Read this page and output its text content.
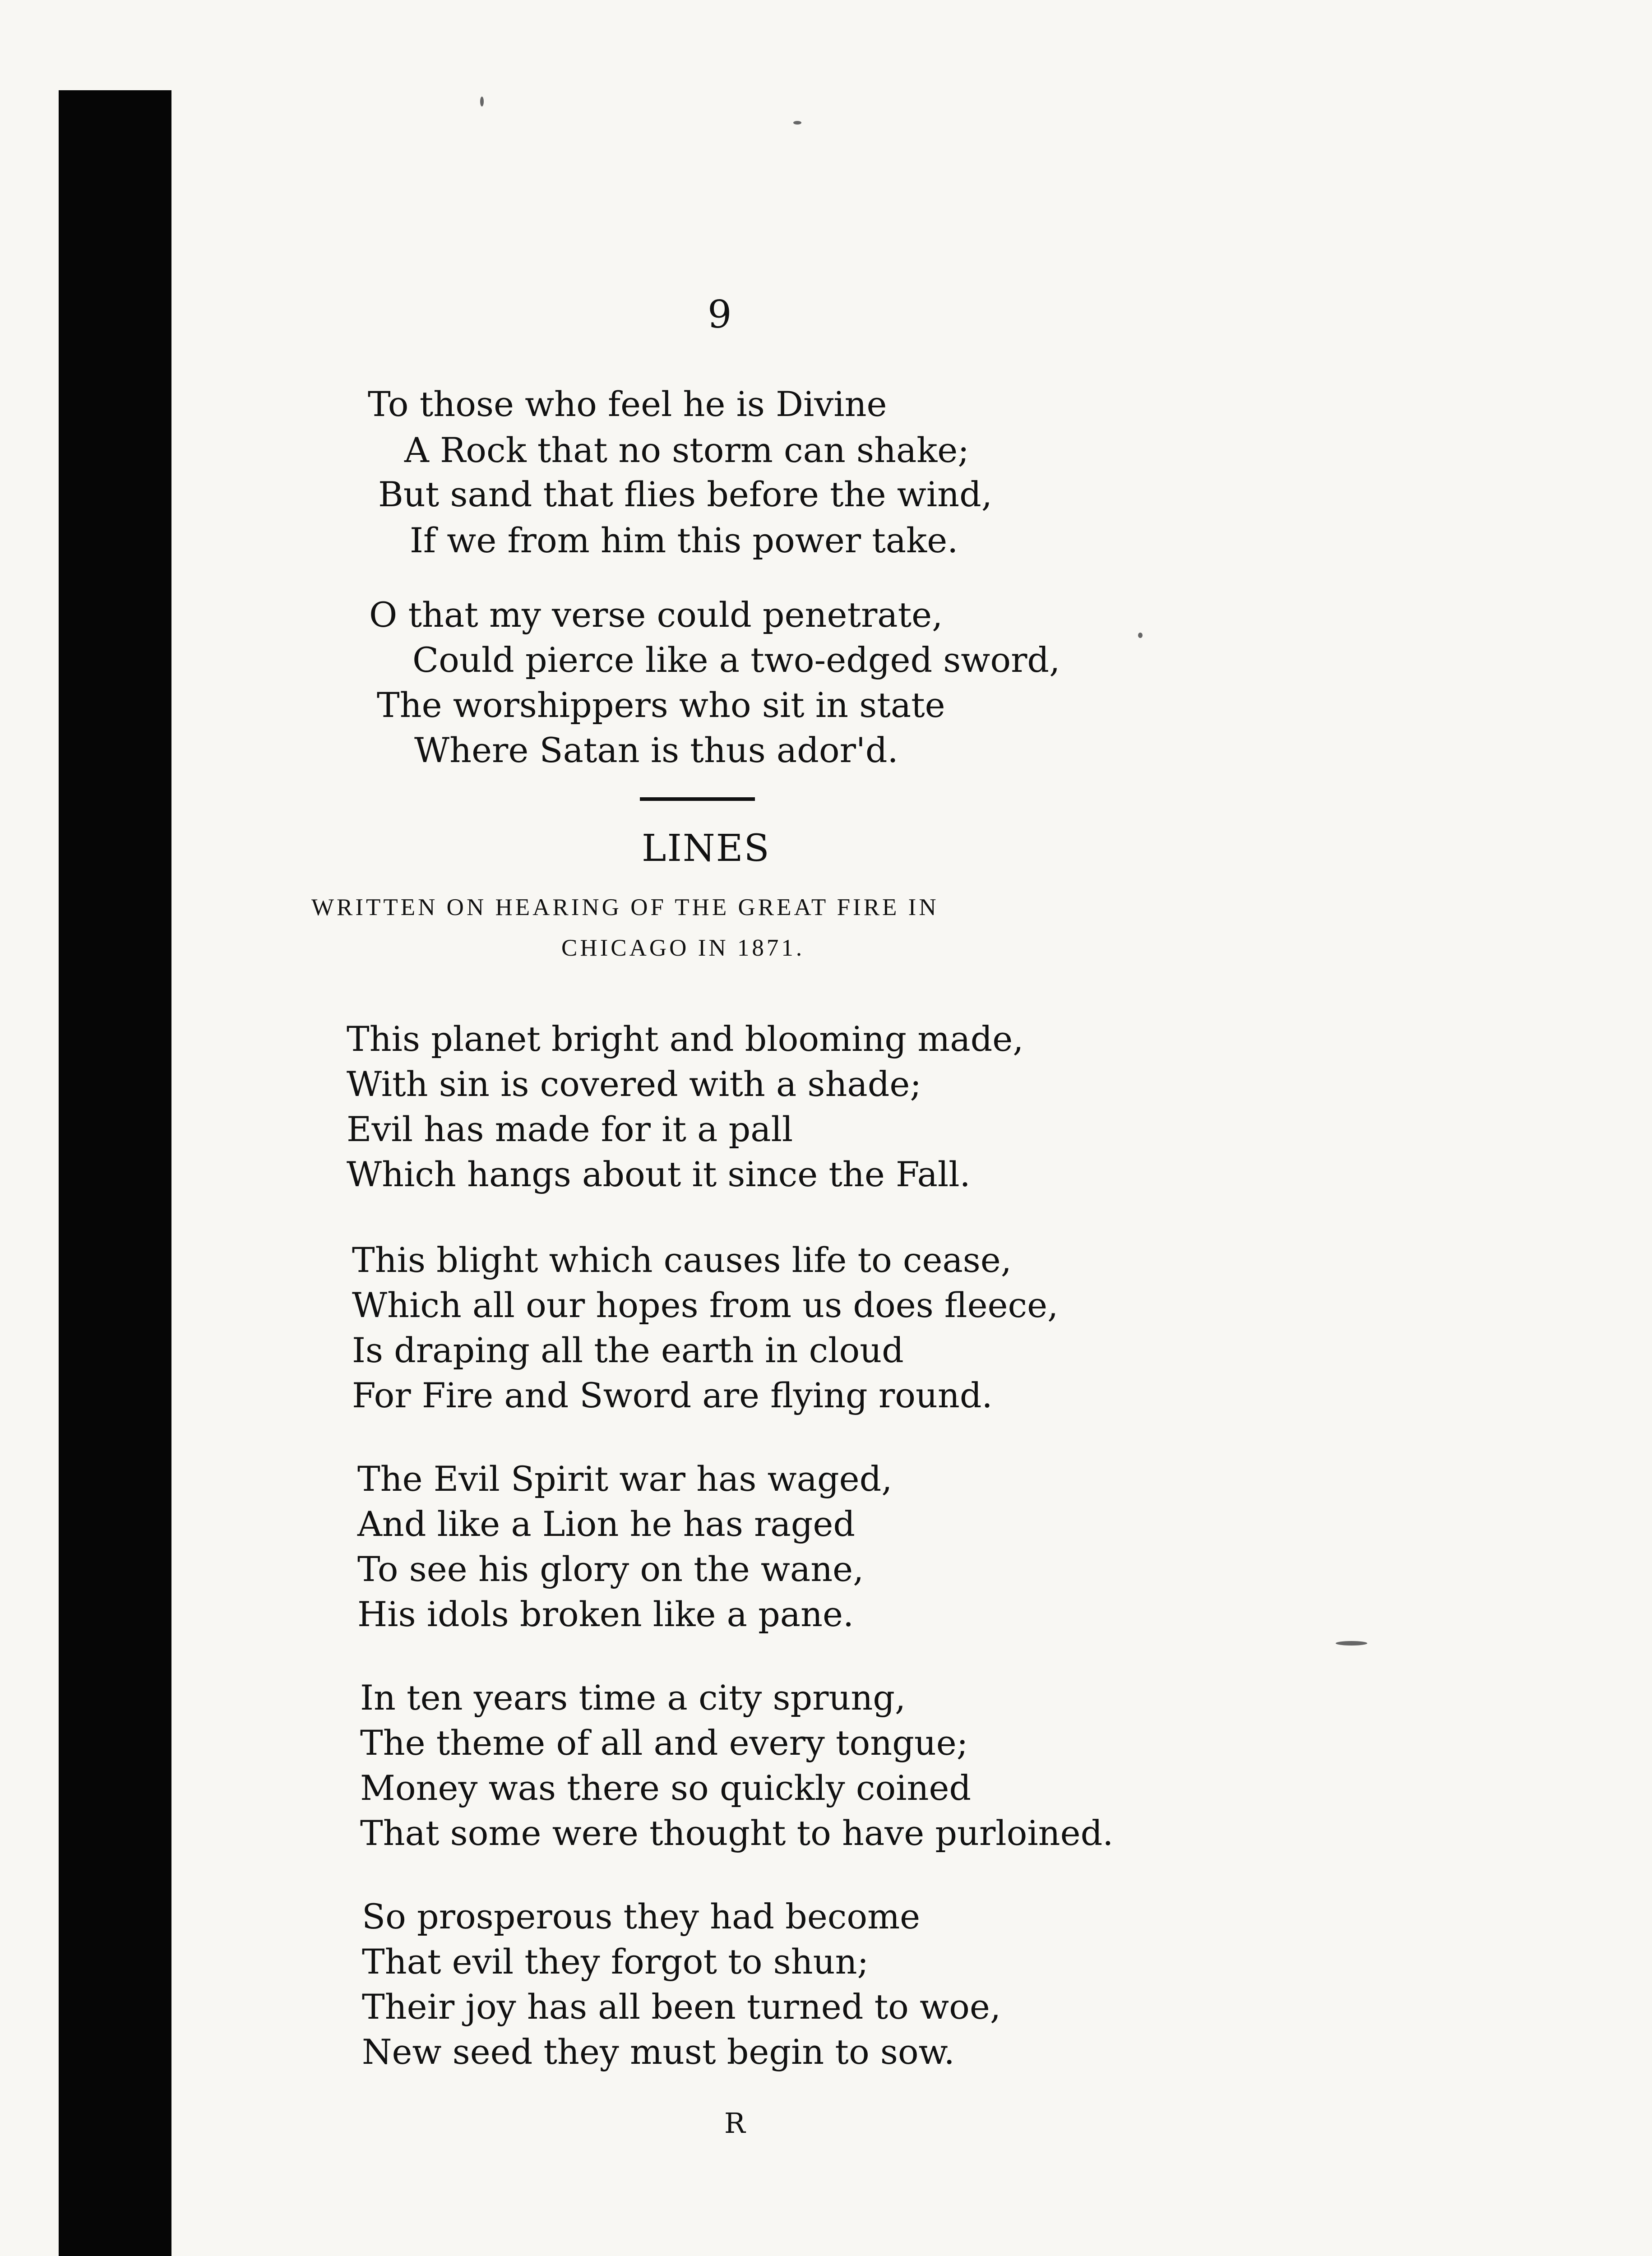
9
To those who feel he is Divine
A Rock that no storm can shake;
But sand that flies before the wind,
If we from him this power take.
O that my verse could penetrate,
Could pierce like a two-edged sword,
The worshippers who sit in state
Where Satan is thus ador'd.
LINES
WRITTEN ON HEARING OF THE GREAT FIRE IN
CHICAGO IN 1871.
This planet bright and blooming made,
With sin is covered with a shade;
Evil has made for it a pall
Which hangs about it since the Fall.
This blight which causes life to cease,
Which all our hopes from us does fleece,
Is draping all the earth in cloud
For Fire and Sword are flying round.
The Evil Spirit war has waged,
And like a Lion he has raged
To see his glory on the wane,
His idols broken like a pane.
In ten years time a city sprung,
The theme of all and every tongue;
Money was there so quickly coined
That some were thought to have purloined.
So prosperous they had become
That evil they forgot to shun;
Their joy has all been turned to woe,
New seed they must begin to sow.
R
